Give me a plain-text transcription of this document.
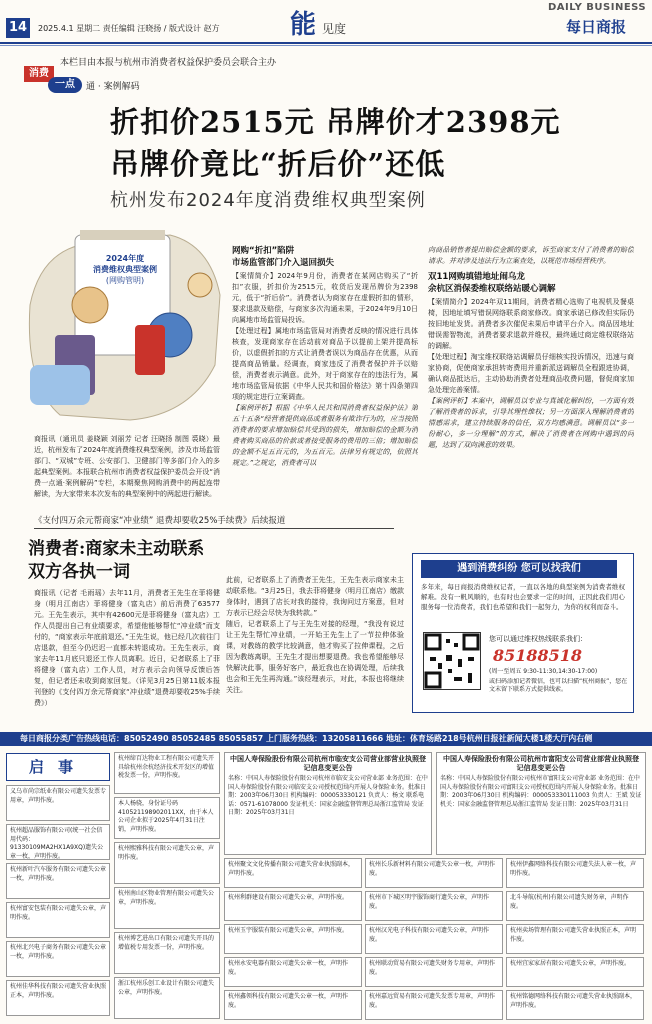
14	2025.4.1 星期二 责任编辑 汪晓扬 / 版式设计 赵方	能 见度
DAILY BUSINESS
每日商报
本栏目由本报与杭州市消费者权益保护委员会联合主办
消费
一点	通 · 案例解码
折扣价2515元 吊牌价才2398元
吊牌价竟比“折后价”还低
杭州发布2024年度消费维权典型案例
2024年度
消费维权典型案例
(网购管明)
商报讯（通讯员 姜晓颖 刘丽芳 记者 汪晓扬 制图 裘晓）最近，杭州发布了2024年度消费维权典型案例，涉及市场监管部门、“双城”专班、公安部门、卫健部门等多部门介入的多起典型案例。本报联合杭州市消费者权益保护委员会开设“消费一点通·案例解码”专栏，本期聚焦网购消费中的两起连带解读，为大家带来本次发布的典型案例中的两起进行解读。
网购“折扣”陷阱
市场监管部门介入退回损失
【案情简介】2024年9月份，消费者在某网店购买了“折扣”衣服，折扣价为2515元，收货后发现吊牌价为2398元，低于“折后价”。消费者认为商家存在虚假折扣的情形，要求退款及赔偿，与商家多次沟通未果，于2024年9月10日向属地市场监管局投诉。
【处理过程】属地市场监管局对消费者反映的情况进行具体核查，发现商家存在活动前对商品予以提前上架并提高标价，以虚假折扣的方式让消费者误以为商品存在优惠，从而提高商品销量。经调查，商家违反了消费者保护并予以赔偿，消费者表示满意。此外，对于商家存在的违法行为，属地市场监管局依据《中华人民共和国价格法》第十四条第四项的规定进行立案调查。
【案例评析】根据《中华人民共和国消费者权益保护法》第五十五条“经营者提供商品或者服务有欺诈行为的，应当按照消费者的要求增加赔偿其受到的损失，增加赔偿的金额为消费者购买商品的价款或者接受服务的费用的三倍；增加赔偿的金额不足五百元的，为五百元。法律另有规定的，依照其规定。”之规定，消费者可以
向商品销售者提出赔偿金额的要求，诉至商家支付了消费者的赔偿请求。并对涉及违法行为立案查处，以规范市场经营秩序。
双11网购填错地址闹乌龙
余杭区消保委维权联络站暖心调解
【案情简介】2024年双11期间，消费者精心选购了电视机及餐桌椅，因地址填写错误网络联系商家修改。商家承诺已修改但实际仍按旧地址发货。消费者多次催促未果后申请平台介入。商品因地址错误需智物流，消费者要求退款并维权，最终通过商定维权联络站的调解。
【处理过程】淘宝维权联络站调解员仔细核实投诉情况，迅速与商家协商，促使商家承担转寄费用并重新派送调解员全程跟进协调，确认商品抵达后，主动协助消费者处理商品收费问题，督促商家加急处理完善案情。
【案例评析】本案中，调解员以专业与真诚化解纠纷，一方面有效了解消费者的诉求，引导其理性维权；另一方面深入理解消费者的情感需求，建立持续服务的信任，双方均感满意。调解员以“多一份耐心，多一分理解”的方式，解决了消费者在网购中遇到的问题，达到了双向满意的效果。
《支付四万余元帮商家“冲业绩” 退费却要收25%手续费》后续报道
消费者:商家未主动联系
双方各执一词
商报讯（记者 毛雨瑶）去年11月，消费者王先生在菲将健身（明月江南店）菲将健身（富丸店）前后消费了63577元。王先生表示，其中有42600元是菲将健身（富丸店）工作人员提出自己有业绩要求，希望他能够帮忙“冲业绩”而支付的，“商家表示年底前退还。”王先生说，他已经几次前往门店退款，但至今仍迟迟一直都未转退成功。王先生表示，商家去年11月底只退还工作人员离职。近日，记者联系上了菲将健身（富丸店）工作人员，对方表示会向领导反馈后答复，但记者还未收到商家回复。（详见3月25日第11版本报刊登的《支付四万余元帮商家“冲业绩”退费却要收25%手续费》）
此前，记者联系上了消费者王先生，王先生表示商家未主动联系他。“3月25日，我去菲将健身（明月江南店）缴款身体时，遇到了店长对我的接待，我询问过方案意，但对方表示已经会尽快为我转款。”
随后，记者联系上了与王先生对接的经理，“我没有说过让王先生帮忙冲业绩，一开始王先生上了一节拉伸体验课，对教练的教学比较满意，他才购买了拉伸课程，之后因为教练离职，王先生才提出想要退费。我也希望能够尽快解决此事，服务好客户，最近我也在协调处理，后续我也会和王先生再沟通。”该经理表示，对此，本报也将继续关注。
遇到消费纠纷 您可以找我们
多年来，每日商报消费维权记者，一直以各地的典型案例为消费者维权解难。没有一帆风顺的，也有时也会要求一定的时间，正因此我们用心服务每一位消费者，我们也希望和我们一起努力，为你的权利而奋斗。
您可以通过维权热线联系我们：
85188518
(周一至周五 9:30-11:30,14:30-17:00)
或扫码添加记者微信，也可以扫描“杭州商报”，您在文末留下联系方式提供线索。
每日商报分类广告热线电话：85052490 85052485 85055857 上门服务热线：13205811666 地址：体育场路218号杭州日报社新闻大楼1楼大厅内右侧
启事
义乌市尚宗纸业有限公司遗失发票专用章，声明作废。
杭州超品服饰有限公司(统一社会信用代码：91330109MA2HX1A9XQ)遗失公章一枚，声明作废。
杭州新叶汽车服务有限公司遗失公章一枚，声明作废。
杭州富安包装有限公司遗失公章，声明作废。
杭州北兴电子商务有限公司遗失公章一枚，声明作废。
杭州佳华科技有限公司遗失营业执照正本，声明作废。
杭州缔百达物业工程有限公司遗失开具给杭州余杭经济技术开发区的增值税发票一份，声明作废。
本人杨骁，身份证号码410521198902011XX，由于本人公司企业拟于2025年4月31日注销，声明作废。
杭州熙雅科技有限公司遗失公章，声明作废。
杭州南山区物业管理有限公司遗失公章，声明作废。
杭州博艺进出口有限公司遗失开具的增值税专用发票一份，声明作废。
浙江杭州乐创工业设计有限公司遗失公章，声明作废。
中国人寿保险股份有限公司杭州市临安支公司营业部营业执照登记信息变更公告
名称：中国人寿保险股份有限公司杭州市临安支公司营业部 业务范围：在中国人寿保险股份有限公司临安支公司授权范围内开展人身保险业务。批准日期：2003年06月30日 机构编码：000053330121 负责人：杨文 联系电话：0571-61078000 发证机关：国家金融监督管理总局浙江监管局 发证日期：2025年03月31日
中国人寿保险股份有限公司杭州市富阳支公司营业部营业执照登记信息变更公告
名称：中国人寿保险股份有限公司杭州市富阳支公司营业部 业务范围：在中国人寿保险股份有限公司富阳支公司授权范围内开展人身保险业务。批准日期：2003年06月30日 机构编码：000053330111003 负责人：王斌 发证机关：国家金融监督管理总局浙江监管局 发证日期：2025年03月31日
杭州聚文文化传播有限公司遗失营业执照副本，声明作废。
杭州长乐新材料有限公司遗失公章一枚，声明作废。
杭州伊鑫网络科技有限公司遗失法人章一枚，声明作废。
杭州利群建设有限公司遗失公章，声明作废。	杭州市下城区明宇服饰商行遗失公章，声明作废。
北斗导航(杭州)有限公司遗失财务章，声明作废。
杭州玉宇服装有限公司遗失公章，声明作废。	杭州汉光电子科技有限公司遗失公章，声明作废。
杭州卖场管理有限公司遗失营业执照正本，声明作废。
杭州永安电器有限公司遗失公章一枚，声明作废。
杭州联动贸易有限公司遗失财务专用章，声明作废。
杭州宜家家居有限公司遗失公章，声明作废。
杭州鑫领科技有限公司遗失公章一枚，声明作废。
杭州嘉远贸易有限公司遗失发票专用章，声明作废。
杭州铭德网络科技有限公司遗失营业执照副本，声明作废。
